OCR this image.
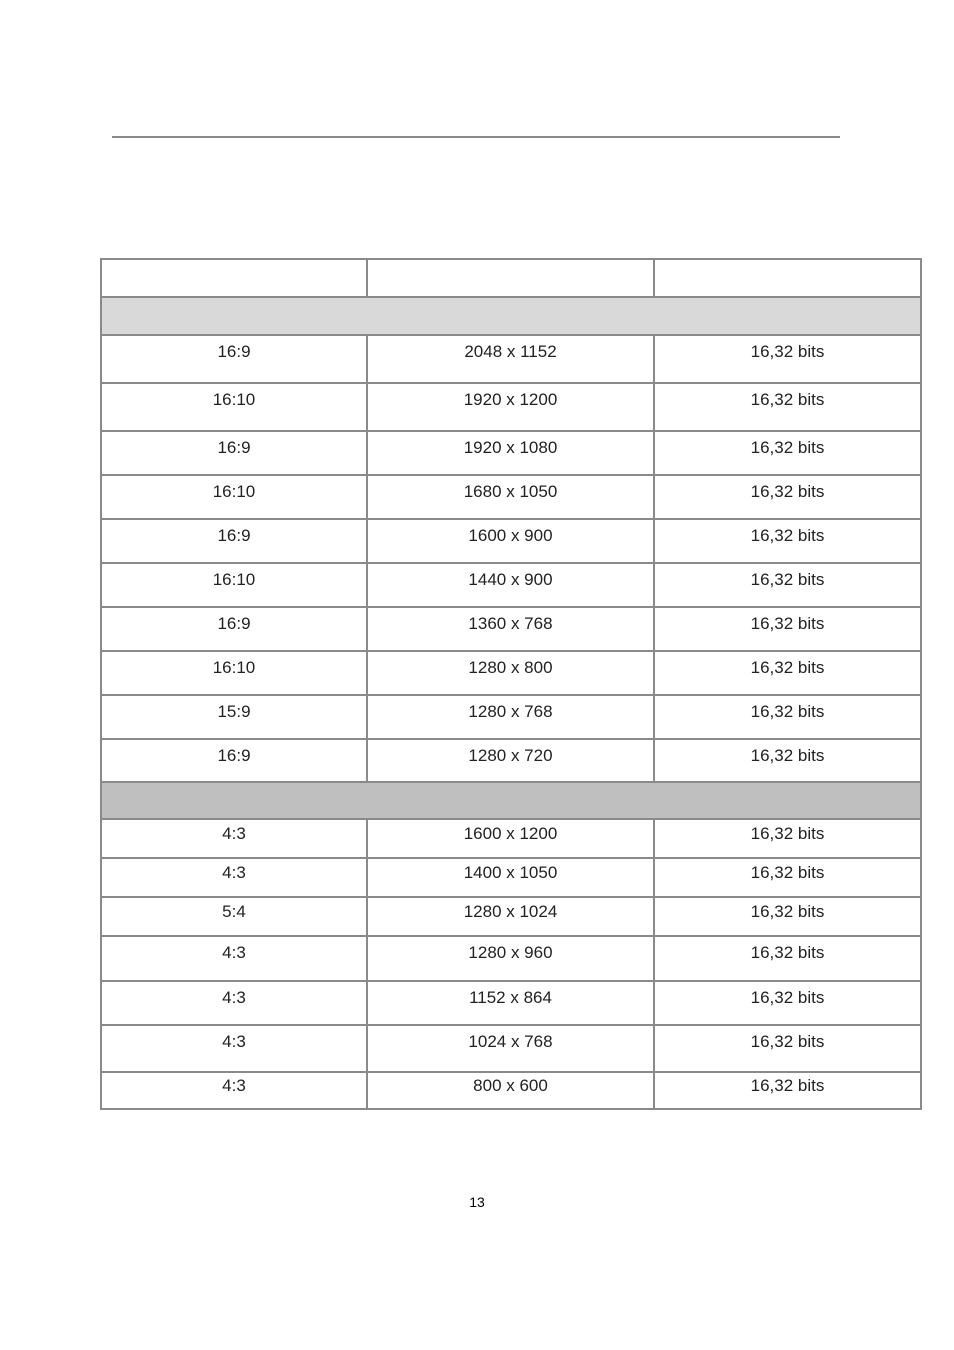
16:9	2048 x 1152	16,32 bits
16:10	1920 x 1200	16,32 bits
16:9	1920 x 1080	16,32 bits
16:10	1680 x 1050	16,32 bits
16:9	1600 x 900	16,32 bits
16:10	1440 x 900	16,32 bits
16:9	1360 x 768	16,32 bits
16:10	1280 x 800	16,32 bits
15:9	1280 x 768	16,32 bits
16:9	1280 x 720	16,32 bits

4:3	1600 x 1200	16,32 bits
4:3	1400 x 1050	16,32 bits
5:4	1280 x 1024	16,32 bits
4:3	1280 x 960	16,32 bits
4:3	1152 x 864	16,32 bits
4:3	1024 x 768	16,32 bits
4:3	800 x 600	16,32 bits
13
